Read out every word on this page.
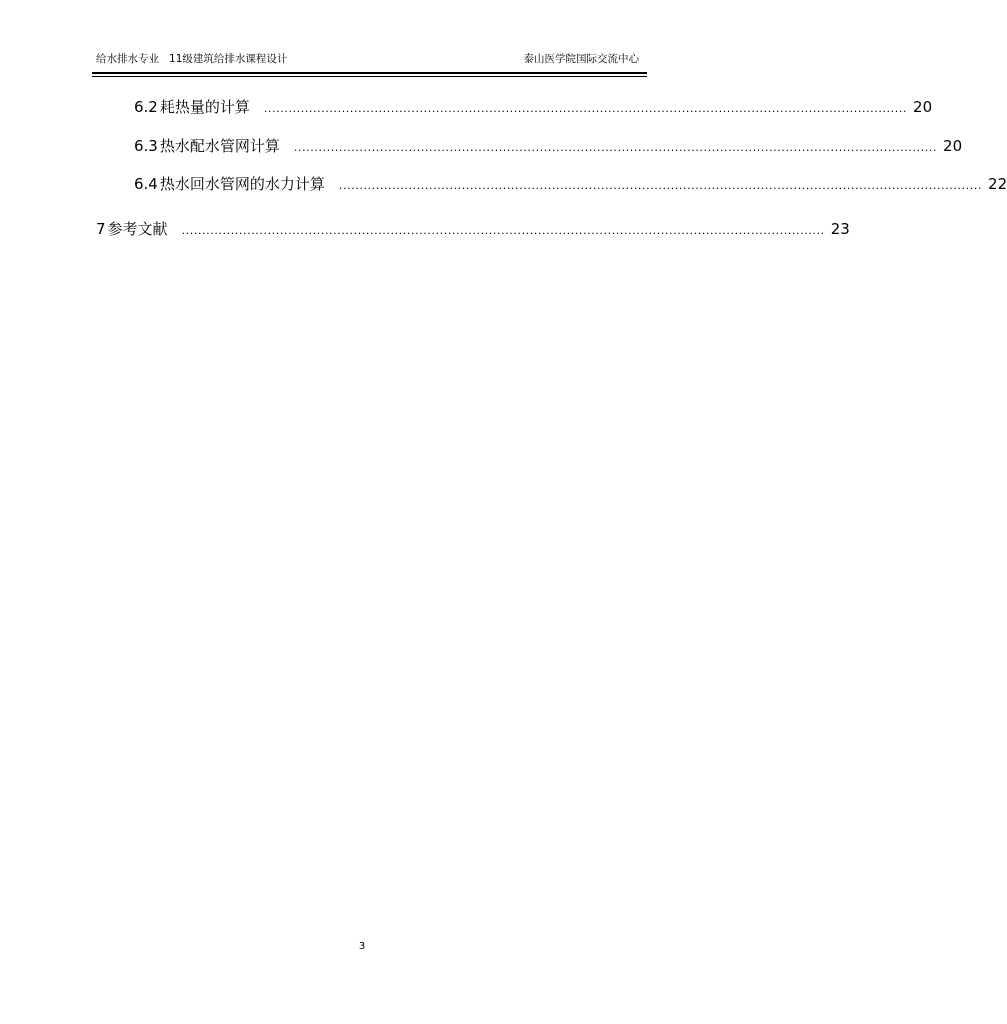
给水排水专业   11级建筑给排水课程设计	泰山医学院国际交流中心
6.2 耗热量的计算 ............................................................................................................................................................. 20
6.3 热水配水管网计算 ............................................................................................................................................................. 20
6.4 热水回水管网的水力计算 ............................................................................................................................................................. 22
7 参考文献 ............................................................................................................................................................. 23
3
